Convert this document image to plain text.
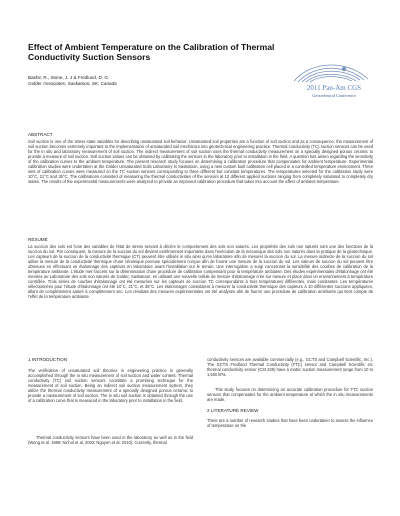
Effect of Ambient Temperature on the Calibration of Thermal Conductivity Suction Sensors
Bashir, R., Stone, J. J & Fredlund, D. G.
Golder Associates, Saskatoon, SK, Canada
2011 Pan-Am CGS
Geotechnical Conference
ABSTRACT

Soil suction is one of the stress state variables for describing unsaturated soil behavior. Unsaturated soil properties are a function of soil suction and as a consequence, the measurement of soil suction becomes extremely important to the implementation of unsaturated soil mechanics into geotechnical engineering practice. Thermal conductivity (TC) suction sensors can be used for the in situ and laboratory measurement of soil suction. The indirect measurement of soil suction uses the thermal conductivity measurement on a specially designed porous ceramic to provide a measure of soil suction. Soil suction values can be obtained by calibrating the sensors in the laboratory prior to installation in the field. A question has arisen regarding the sensitivity of the calibration curves to the ambient temperature. The present research study focuses on determining a calibration procedure that compensates for ambient temperature. Experimental calibration studies were undertaken at the Golder Unsaturated Soils Laboratory in Saskatoon, using a new custom built calibration cell placed in a controlled temperature environment. Three sets of calibration curves were measured on the TC suction sensors corresponding to three different but constant temperatures. The temperatures selected for the calibration study were 10°C, 21°C and 35°C. The calibrations consisted of measuring the thermal conductivities of the sensors at 10 different applied suctions ranging from completely saturated to completely dry states. The results of the experimental measurements were analyzed to provide an improved calibration procedure that takes into account the affect of ambient temperature.

RÉSUMÉ

La succion des sols est l'une des variables de l'état de stress servant à décrire le comportement des sols non saturés. Les propriétés des sols non saturés sont une des fonctions de la succion du sol. Par conséquent, la mesure de la succion du sol devient extrêmement importante dans l'exécution de la mécanique des sols non saturés dans la pratique de la géotechnique. Les capteurs de la succion de la conductivité thermique (CT) peuvent être utilisés in situ ainsi qu'en laboratoire afin de mesurer la succion du sol. La mesure indirecte de la succion du sol utilise la mesure de la conductivité thermique d'une céramique poreuse spécialement conçue afin de fournir une mesure de la succion du sol. Les valeurs de succion du sol peuvent être obtenues en effectuant un étalonnage des capteurs en laboratoire avant l'installation sur le terrain. Une interrogation a surgi concernant la sensibilité des courbes de calibration de la température ambiante. L'étude met l'accent sur la détermination d'une procédure de calibration compensant pour la température ambiante. Des études expérimentales d'étalonnage ont été menées au Laboratoire des sols non saturés de Golder, Saskatoon, en utilisant une nouvelle cellule de mesure d'étalonnage crée sur mesure et placé dans un environnement à température contrôlée. Trois séries de courbes d'étalonnage ont été mesurées sur les capteurs de succion TC correspondants à trois températures différentes, mais constantes. Les températures sélectionnées pour l'étude d'étalonnage ont été 10°C, 21°C, et 35°C. Les étalonnages consistaient à mesurer la conductivité thermique des capteurs à 10 différentes succions appliquées, allant de complètement saturé à complètement sec. Les résultats des mesures expérimentales ont été analysés afin de fournir une procédure de calibration améliorée qui tient compte de l'effet de la température ambiante.

1 INTRODUCTION

The verification of unsaturated soil theories in engineering practice is generally accomplished through the in situ measurement of soil suction and water content. Thermal conductivity (TC) soil suction sensors constitute a promising technique for the measurement of soil suction. Being an indirect soil suction measurement system, they utilize the thermal conductivity measurement of a specially designed porous ceramic to provide a measurement of soil suction. The in situ soil suction is obtained through the use of a calibration curve that is measured in the laboratory prior to installation in the field.

Thermal conductivity sensors have been used in the laboratory as well as in the field (Wong et al. 1989; Nichol et al. 2003; Nguyen et al. 2010). Currently, thermal

conductivity sensors are available commercially (e.g., GCTS and Campbell Scientific, Inc.). The GCTS Fredlund Thermal Conductivity (FTC) sensor and Campbell Scientific Inc thermal conductivity sensor (CSI 229) have a matric suction measurement range from 10 to 1,500 kPa.

This study focuses on determining an accurate calibration procedure for FTC suction sensors that compensates for the ambient temperature at which the in situ measurements are made.

2 LITERATURE REVIEW

There are a number of research studies that have been undertaken to assess the influence of temperature on the
